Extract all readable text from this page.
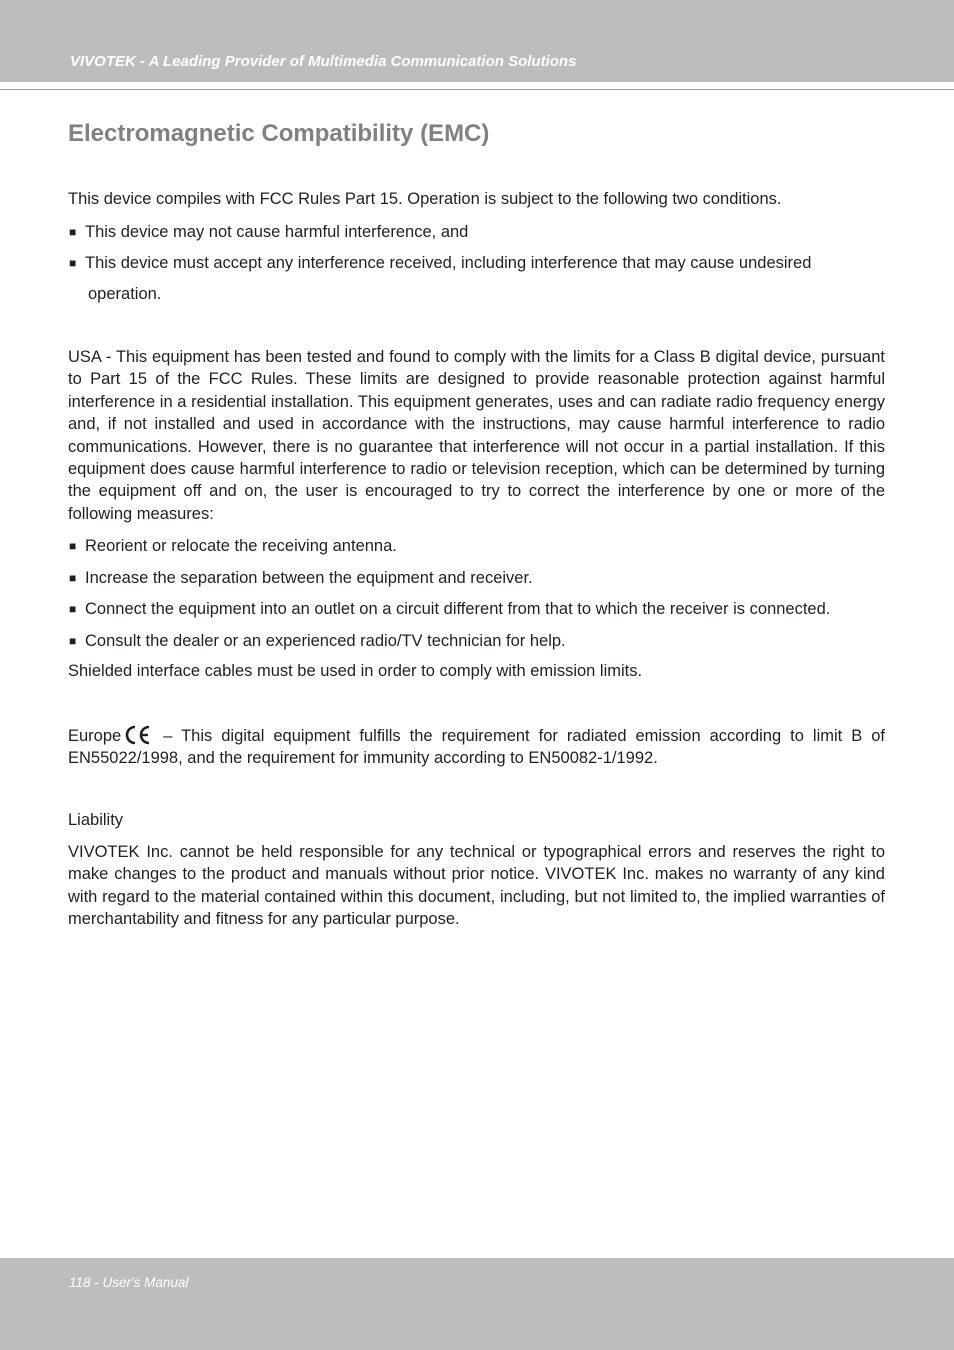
VIVOTEK - A Leading Provider of Multimedia Communication Solutions
Electromagnetic Compatibility (EMC)
This device compiles with FCC Rules Part 15. Operation is subject to the following two conditions.
■ This device may not cause harmful interference, and
■ This device must accept any interference received, including interference that may cause undesired
operation.
USA - This equipment has been tested and found to comply with the limits for a Class B digital device, pursuant to Part 15 of the FCC Rules. These limits are designed to provide reasonable protection against harmful interference in a residential installation. This equipment generates, uses and can radiate radio frequency energy and, if not installed and used in accordance with the instructions, may cause harmful interference to radio communications. However, there is no guarantee that interference will not occur in a partial installation. If this equipment does cause harmful interference to radio or television reception, which can be determined by turning the equipment off and on, the user is encouraged to try to correct the interference by one or more of the following measures:
■ Reorient or relocate the receiving antenna.
■ Increase the separation between the equipment and receiver.
■ Connect the equipment into an outlet on a circuit different from that to which the receiver is connected.
■ Consult the dealer or an experienced radio/TV technician for help.
Shielded interface cables must be used in order to comply with emission limits.
Europe – This digital equipment fulfills the requirement for radiated emission according to limit B of EN55022/1998, and the requirement for immunity according to EN50082-1/1992.
Liability
VIVOTEK Inc. cannot be held responsible for any technical or typographical errors and reserves the right to make changes to the product and manuals without prior notice. VIVOTEK Inc. makes no warranty of any kind with regard to the material contained within this document, including, but not limited to, the implied warranties of merchantability and fitness for any particular purpose.
118 - User's Manual
